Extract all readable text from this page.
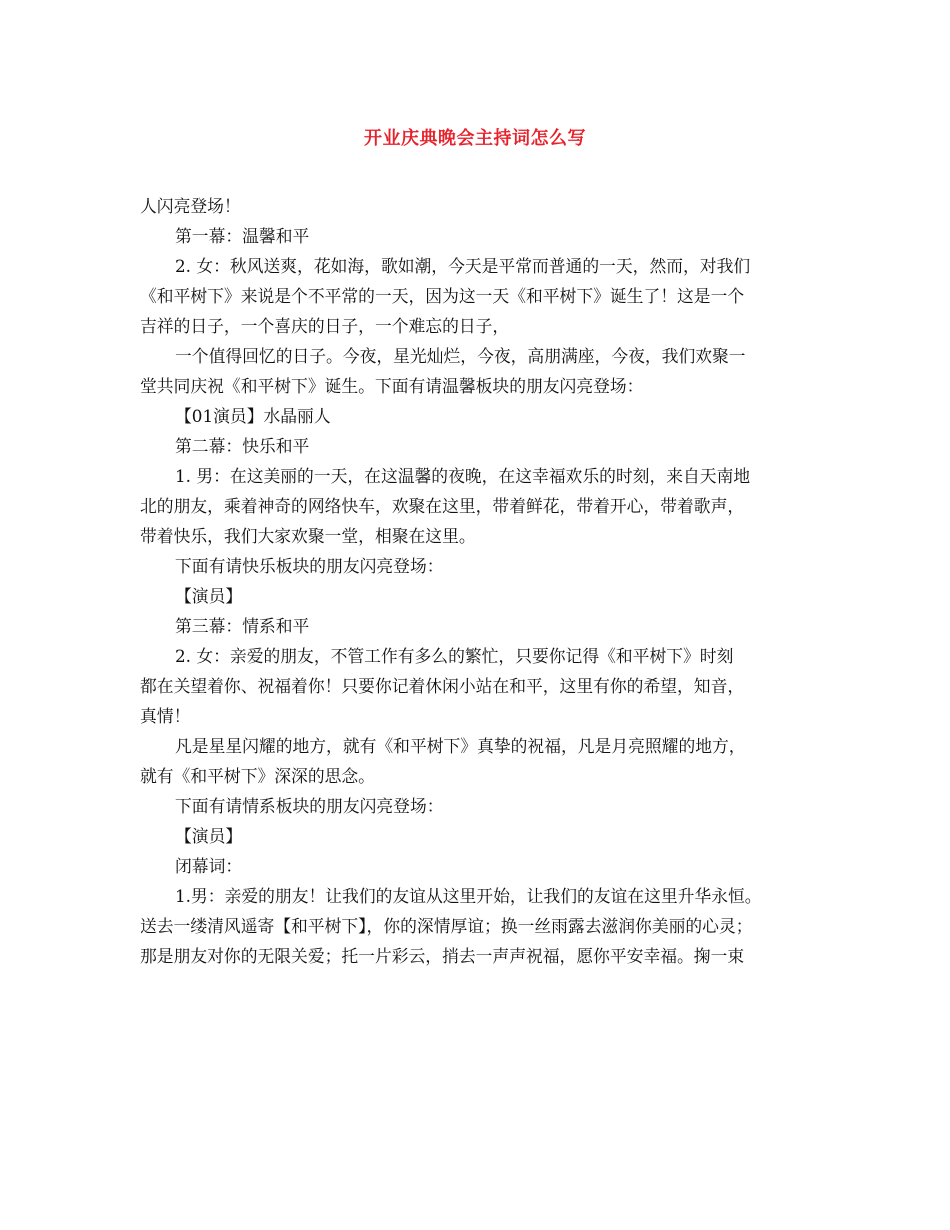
开业庆典晚会主持词怎么写
人闪亮登场！
第一幕：温馨和平
2. 女：秋风送爽，花如海，歌如潮，今天是平常而普通的一天，然而，对我们
《和平树下》来说是个不平常的一天，因为这一天《和平树下》诞生了！这是一个
吉祥的日子，一个喜庆的日子，一个难忘的日子，
一个值得回忆的日子。今夜，星光灿烂，今夜，高朋满座，今夜，我们欢聚一
堂共同庆祝《和平树下》诞生。下面有请温馨板块的朋友闪亮登场：
【01演员】水晶丽人
第二幕：快乐和平
1. 男：在这美丽的一天，在这温馨的夜晚，在这幸福欢乐的时刻，来自天南地
北的朋友，乘着神奇的网络快车，欢聚在这里，带着鲜花，带着开心，带着歌声，
带着快乐，我们大家欢聚一堂，相聚在这里。
下面有请快乐板块的朋友闪亮登场：
【演员】
第三幕：情系和平
2. 女：亲爱的朋友，不管工作有多么的繁忙，只要你记得《和平树下》时刻
都在关望着你、祝福着你！只要你记着休闲小站在和平，这里有你的希望，知音，
真情！
凡是星星闪耀的地方，就有《和平树下》真挚的祝福，凡是月亮照耀的地方，
就有《和平树下》深深的思念。
下面有请情系板块的朋友闪亮登场：
【演员】
闭幕词：
1.男：亲爱的朋友！让我们的友谊从这里开始，让我们的友谊在这里升华永恒。
送去一缕清风遥寄【和平树下】，你的深情厚谊；换一丝雨露去滋润你美丽的心灵；
那是朋友对你的无限关爱；托一片彩云，捎去一声声祝福，愿你平安幸福。掬一束
